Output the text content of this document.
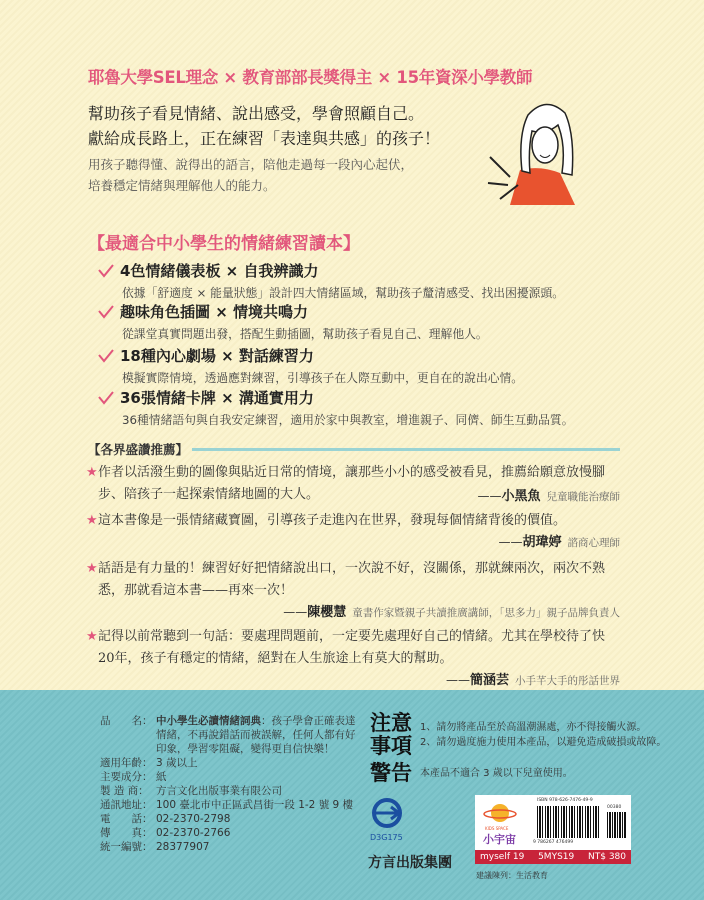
耶魯大學SEL理念 × 教育部部長獎得主 × 15年資深小學教師
幫助孩子看見情緒、說出感受，學會照顧自己。
獻給成長路上，正在練習「表達與共感」的孩子！
用孩子聽得懂、說得出的語言，陪他走過每一段內心起伏，
培養穩定情緒與理解他人的能力。
【最適合中小學生的情緒練習讀本】
4色情緒儀表板 × 自我辨識力
依據「舒適度 × 能量狀態」設計四大情緒區域，幫助孩子釐清感受、找出困擾源頭。
趣味角色插圖 × 情境共鳴力
從課堂真實問題出發，搭配生動插圖，幫助孩子看見自己、理解他人。
18種內心劇場 × 對話練習力
模擬實際情境，透過應對練習，引導孩子在人際互動中，更自在的說出心情。
36張情緒卡牌 × 溝通實用力
36種情緒語句與自我安定練習，適用於家中與教室，增進親子、同儕、師生互動品質。
【各界盛讚推薦】
★ 作者以活潑生動的圖像與貼近日常的情境，讓那些小小的感受被看見，推薦給願意放慢腳步、陪孩子一起探索情緒地圖的大人。	——小黑魚 兒童職能治療師
★ 這本書像是一張情緒藏寶圖，引導孩子走進內在世界，發現每個情緒背後的價值。
——胡瑋婷 諮商心理師
★ 話語是有力量的！練習好好把情緒說出口，一次說不好，沒關係，那就練兩次，兩次不熟悉，那就看這本書——再來一次！
——陳櫻慧 童書作家暨親子共讀推廣講師，「思多力」親子品牌負責人
★ 記得以前常聽到一句話：要處理問題前，一定要先處理好自己的情緒。尤其在學校待了快 20年，孩子有穩定的情緒，絕對在人生旅途上有莫大的幫助。
——簡涵芸 小手芊大手的彤話世界
品　　名： 中小學生必讀情緒詞典：孩子學會正確表達情緒，不再說錯話而被誤解，任何人都有好印象，學習零阻礙，變得更自信快樂！
適用年齡： 3 歲以上
主要成分： 紙
製 造 商： 方言文化出版事業有限公司
通訊地址： 100 臺北市中正區武昌街一段 1-2 號 9 樓
電　　話： 02-2370-2798
傳　　真： 02-2370-2766
統一編號： 28377907
注意
事項
1、請勿將產品至於高溫潮濕處，亦不得接觸火源。
2、請勿過度施力使用本產品，以避免造成破損或故障。
警告 本產品不適合 3 歲以下兒童使用。
D3G175
方言出版集團
KIDS SPACE
小宇宙
ISBN 978-626-7476-49-9
9 786267 476499
00380
myself 19 5MYS19 NT$ 380
建議陳列：生活教育
